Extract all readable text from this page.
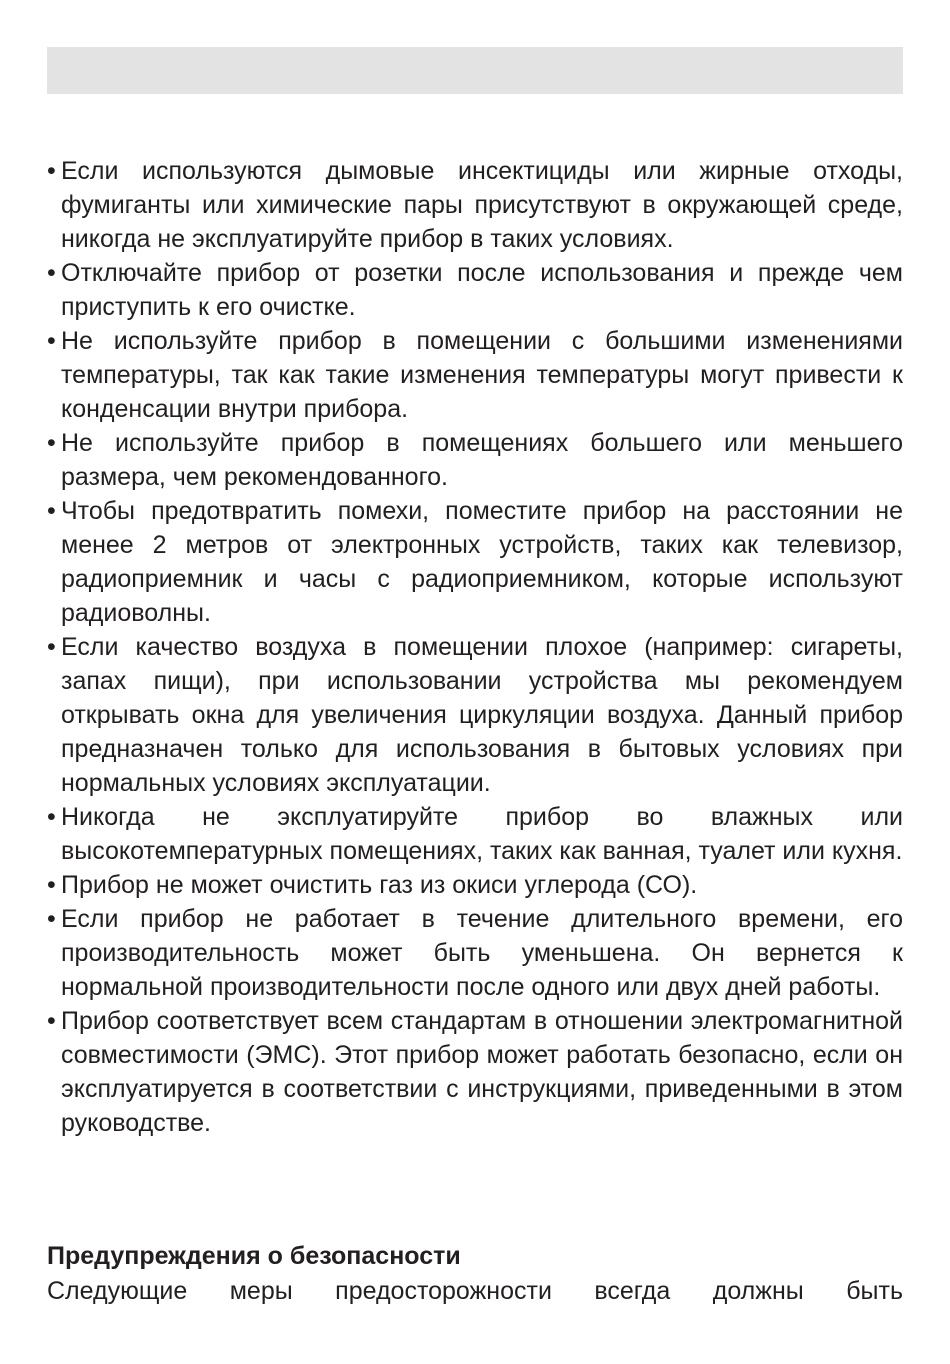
• Если используются дымовые инсектициды или жирные отходы, фумиганты или химические пары присутствуют в окружающей среде, никогда не эксплуатируйте прибор в таких условиях.
• Отключайте прибор от розетки после использования и прежде чем приступить к его очистке.
• Не используйте прибор в помещении с большими изменениями температуры, так как такие изменения температуры могут привести к конденсации внутри прибора.
• Не используйте прибор в помещениях большего или меньшего размера, чем рекомендованного.
• Чтобы предотвратить помехи, поместите прибор на расстоянии не менее 2 метров от электронных устройств, таких как телевизор, радиоприемник и часы с радиоприемником, которые используют радиоволны.
• Если качество воздуха в помещении плохое (например: сигареты, запах пищи), при использовании устройства мы рекомендуем открывать окна для увеличения циркуляции воздуха. Данный прибор предназначен только для использования в бытовых условиях при нормальных условиях эксплуатации.
• Никогда не эксплуатируйте прибор во влажных или высокотемпературных помещениях, таких как ванная, туалет или кухня.
• Прибор не может очистить газ из окиси углерода (СО).
• Если прибор не работает в течение длительного времени, его производительность может быть уменьшена. Он вернется к нормальной производительности после одного или двух дней работы.
• Прибор соответствует всем стандартам в отношении электромагнитной совместимости (ЭМС). Этот прибор может работать безопасно, если он эксплуатируется в соответствии с инструкциями, приведенными в этом руководстве.
Предупреждения о безопасности

Следующие меры предосторожности всегда должны быть
